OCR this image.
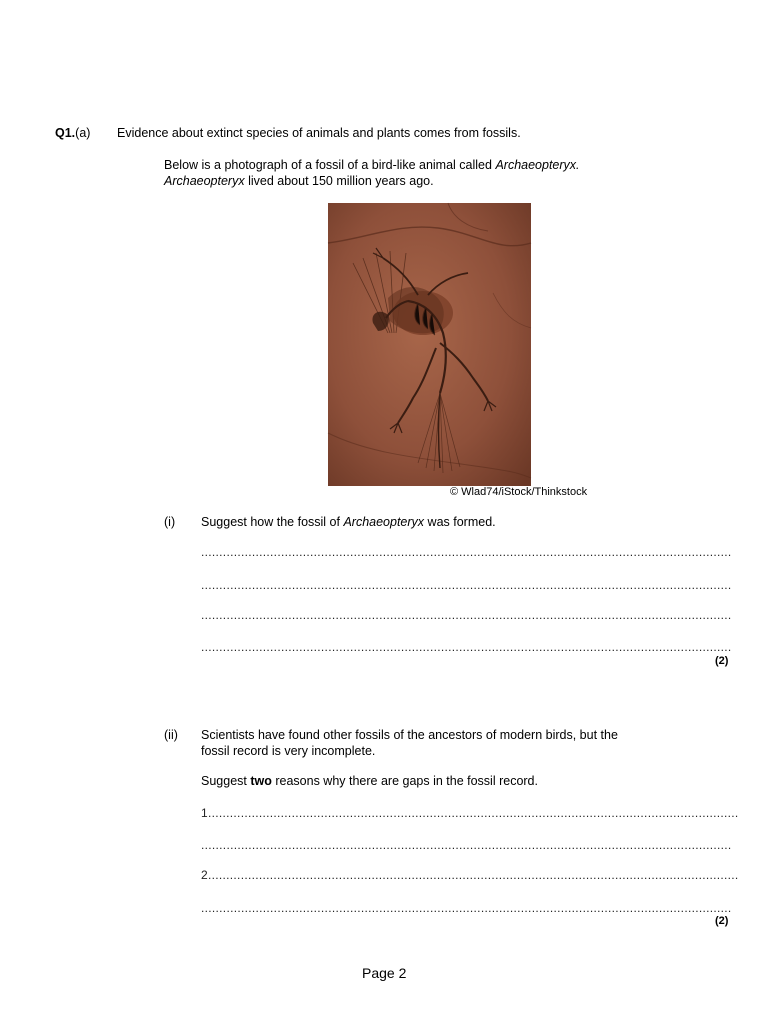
Q1.(a) Evidence about extinct species of animals and plants comes from fossils.
Below is a photograph of a fossil of a bird-like animal called Archaeopteryx.
Archaeopteryx lived about 150 million years ago.
© Wlad74/iStock/Thinkstock
(i) Suggest how the fossil of Archaeopteryx was formed.
..................................................................................................................................................
..................................................................................................................................................
..................................................................................................................................................
..................................................................................................................................................
(2)
(ii) Scientists have found other fossils of the ancestors of modern birds, but the
fossil record is very incomplete.
Suggest two reasons why there are gaps in the fossil record.
1..................................................................................................................................................
..................................................................................................................................................
2..................................................................................................................................................
..................................................................................................................................................
(2)
Page 2
